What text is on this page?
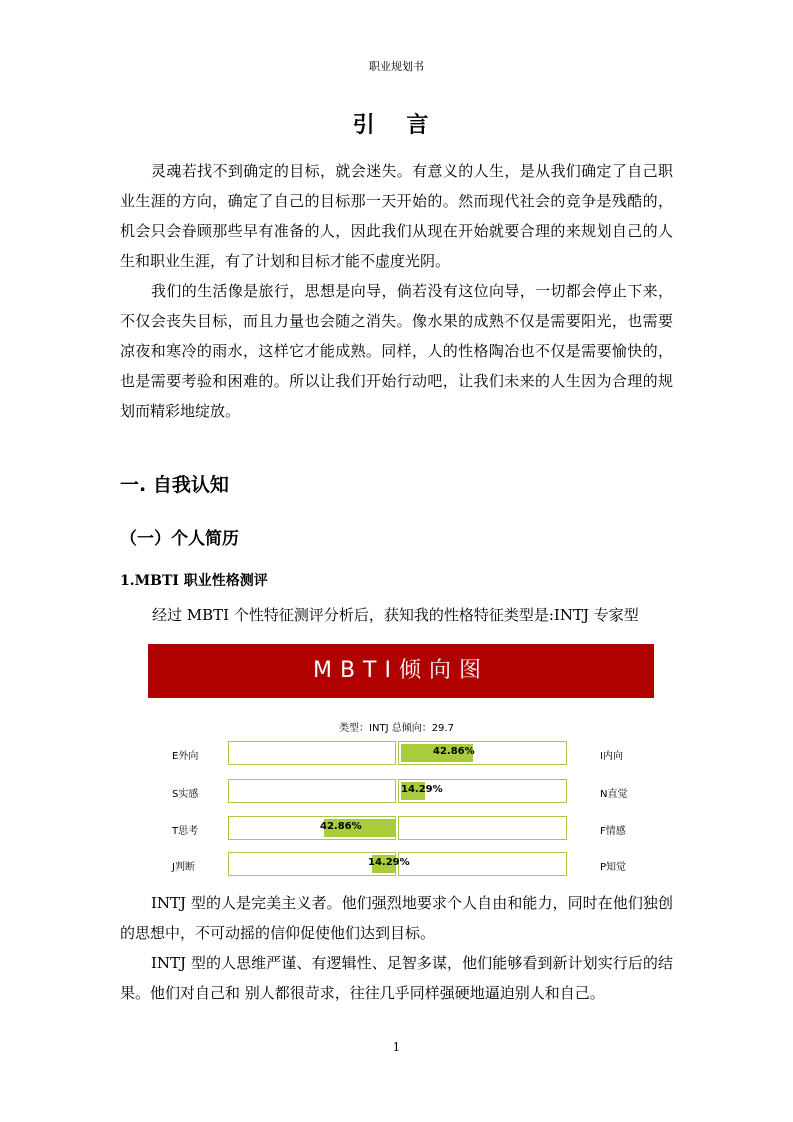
职业规划书
引 言

灵魂若找不到确定的目标，就会迷失。有意义的人生，是从我们确定了自己职业生涯的方向，确定了自己的目标那一天开始的。然而现代社会的竞争是残酷的，机会只会眷顾那些早有准备的人，因此我们从现在开始就要合理的来规划自己的人生和职业生涯，有了计划和目标才能不虚度光阴。

我们的生活像是旅行，思想是向导，倘若没有这位向导，一切都会停止下来，不仅会丧失目标，而且力量也会随之消失。像水果的成熟不仅是需要阳光，也需要凉夜和寒冷的雨水，这样它才能成熟。同样，人的性格陶冶也不仅是需要愉快的，也是需要考验和困难的。所以让我们开始行动吧，让我们未来的人生因为合理的规划而精彩地绽放。

一. 自我认知
（一）个人简历
1.MBTI 职业性格测评
经过 MBTI 个性特征测评分析后，获知我的性格特征类型是:INTJ 专家型
MBTI倾向图
类型：INTJ 总倾向：29.7
E外向	I内向
42.86%
S实感	N直觉
14.29%
T思考	F情感
42.86%
J判断	P知觉
14.29%

INTJ 型的人是完美主义者。他们强烈地要求个人自由和能力，同时在他们独创的思想中，不可动摇的信仰促使他们达到目标。

INTJ 型的人思维严谨、有逻辑性、足智多谋，他们能够看到新计划实行后的结果。他们对自己和 别人都很苛求，往往几乎同样强硬地逼迫别人和自己。

1
